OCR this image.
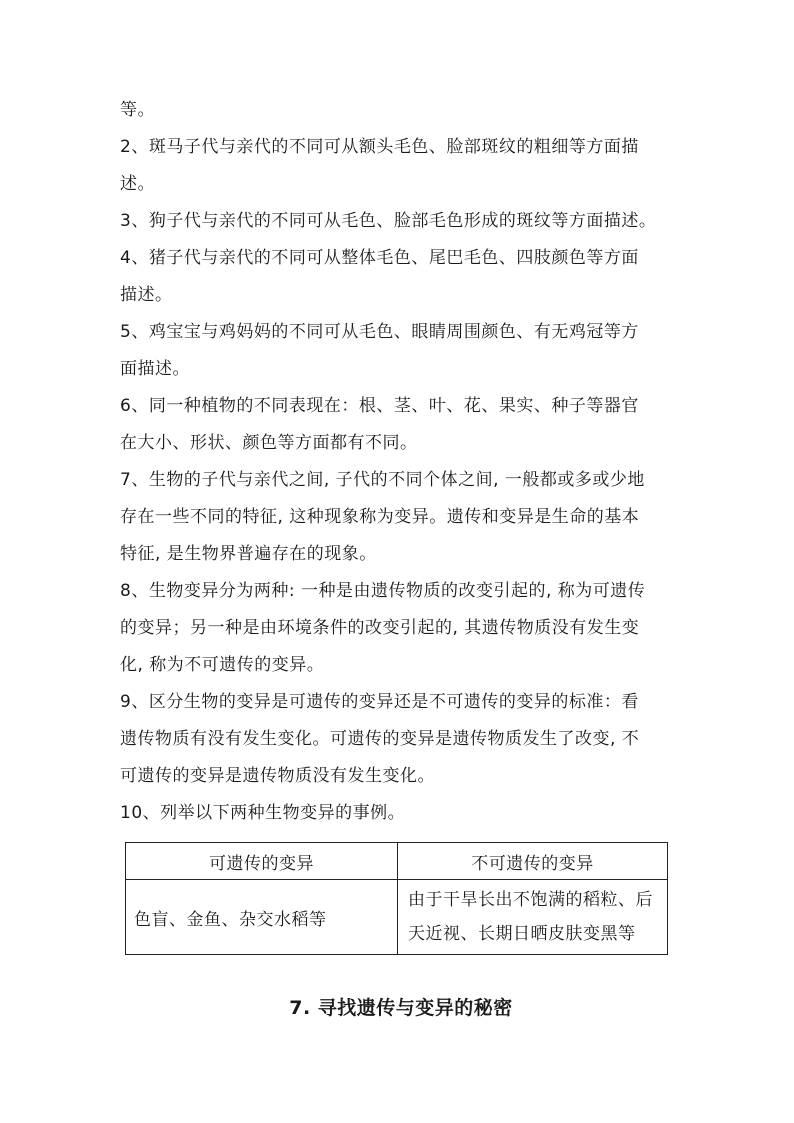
等。
2、斑马子代与亲代的不同可从额头毛色、脸部斑纹的粗细等方面描
述。
3、狗子代与亲代的不同可从毛色、脸部毛色形成的斑纹等方面描述。
4、猪子代与亲代的不同可从整体毛色、尾巴毛色、四肢颜色等方面
描述。
5、鸡宝宝与鸡妈妈的不同可从毛色、眼睛周围颜色、有无鸡冠等方
面描述。
6、同一种植物的不同表现在：根、茎、叶、花、果实、种子等器官
在大小、形状、颜色等方面都有不同。
7、生物的子代与亲代之间, 子代的不同个体之间, 一般都或多或少地
存在一些不同的特征, 这种现象称为变异。遗传和变异是生命的基本
特征, 是生物界普遍存在的现象。
8、生物变异分为两种: 一种是由遗传物质的改变引起的, 称为可遗传
的变异；另一种是由环境条件的改变引起的, 其遗传物质没有发生变
化, 称为不可遗传的变异。
9、区分生物的变异是可遗传的变异还是不可遗传的变异的标准：看
遗传物质有没有发生变化。可遗传的变异是遗传物质发生了改变, 不
可遗传的变异是遗传物质没有发生变化。
10、列举以下两种生物变异的事例。
可遗传的变异	不可遗传的变异
色盲、金鱼、杂交水稻等	由于干旱长出不饱满的稻粒、后
天近视、长期日晒皮肤变黑等
7. 寻找遗传与变异的秘密
